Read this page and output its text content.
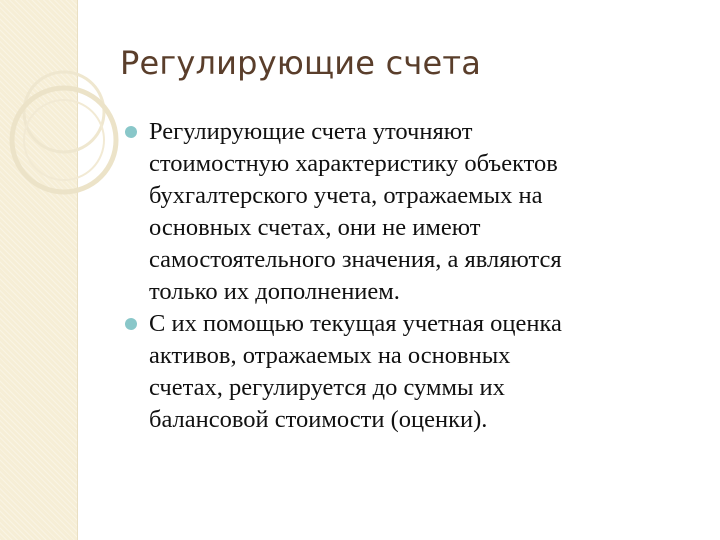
Регулирующие счета
Регулирующие счета уточняют
стоимостную характеристику объектов
бухгалтерского учета, отражаемых на
основных счетах, они не имеют
самостоятельного значения, а являются
только их дополнением.
С их помощью текущая учетная оценка
активов, отражаемых на основных
счетах, регулируется до суммы их
балансовой стоимости (оценки).
